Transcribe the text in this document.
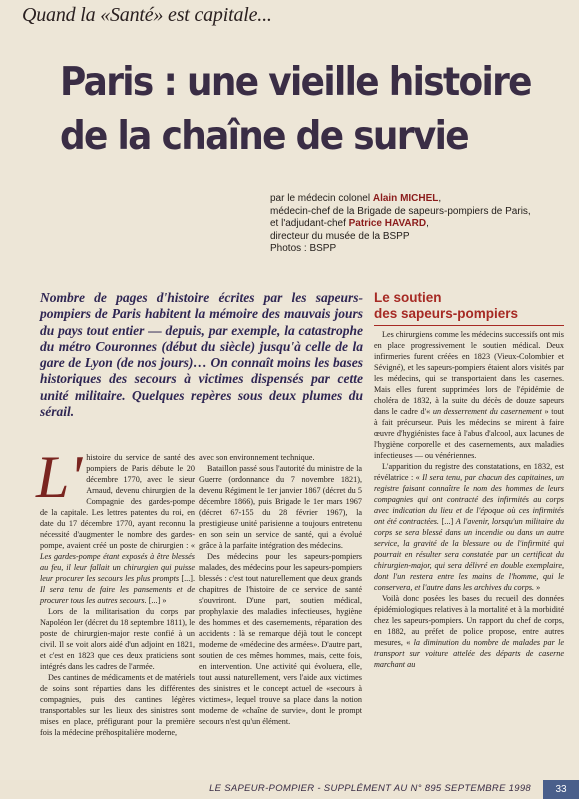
Quand la «Santé» est capitale...
Paris : une vieille histoire
de la chaîne de survie

par le médecin colonel Alain MICHEL,

médecin-chef de la Brigade de sapeurs-pompiers de Paris,

et l'adjudant-chef Patrice HAVARD,

directeur du musée de la BSPP

Photos : BSPP

Nombre de pages d'histoire écrites par les sapeurs-pompiers de Paris habitent la mémoire des mauvais jours du pays tout entier — depuis, par exemple, la catastrophe du métro Couronnes (début du siècle) jusqu'à celle de la gare de Lyon (de nos jours)… On connaît moins les bases historiques des secours à victimes dispensés par cette unité militaire. Quelques repères sous deux plumes du sérail.
Le soutien
des sapeurs-pompiers

L' histoire du service de santé des pompiers de Paris débute le 20 décembre 1770, avec le sieur Arnaud, devenu chirurgien de la Compagnie des gardes-pompe de la capitale. Les lettres patentes du roi, en date du 17 décembre 1770, ayant reconnu la nécessité d'augmenter le nombre des gardes-pompe, avaient créé un poste de chirurgien : « Les gardes-pompe étant exposés à être blessés au feu, il leur fallait un chirurgien qui puisse leur procurer les secours les plus prompts [...]. Il sera tenu de faire les pansements et de procurer tous les autres secours. [...] »

Lors de la militarisation du corps par Napoléon Ier (décret du 18 septembre 1811), le poste de chirurgien-major reste confié à un civil. Il se voit alors aidé d'un adjoint en 1821, et c'est en 1823 que ces deux praticiens sont intégrés dans les cadres de l'armée.

Des cantines de médicaments et de matériels de soins sont réparties dans les différentes compagnies, puis des cantines légères transportables sur les lieux des sinistres sont mises en place, préfigurant pour la première fois la médecine préhospitalière moderne,

avec son environnement technique.

Bataillon passé sous l'autorité du ministre de la Guerre (ordonnance du 7 novembre 1821), devenu Régiment le 1er janvier 1867 (décret du 5 décembre 1866), puis Brigade le 1er mars 1967 (décret 67-155 du 28 février 1967), la prestigieuse unité parisienne a toujours entretenu en son sein un service de santé, qui a évolué grâce à la parfaite intégration des médecins.

Des médecins pour les sapeurs-pompiers malades, des médecins pour les sapeurs-pompiers blessés : c'est tout naturellement que deux grands chapitres de l'histoire de ce service de santé s'ouvriront. D'une part, soutien médical, prophylaxie des maladies infectieuses, hygiène des hommes et des casernements, réparation des accidents : là se remarque déjà tout le concept moderne de «médecine des armées». D'autre part, soutien de ces mêmes hommes, mais, cette fois, en intervention. Une activité qui évoluera, elle, tout aussi naturellement, vers l'aide aux victimes des sinistres et le concept actuel de «secours à victimes», lequel trouve sa place dans la notion moderne de «chaîne de survie», dont le prompt secours n'est qu'un élément.

Les chirurgiens comme les médecins successifs ont mis en place progressivement le soutien médical. Deux infirmeries furent créées en 1823 (Vieux-Colombier et Sévigné), et les sapeurs-pompiers étaient alors visités par les médecins, qui se transportaient dans les casernes. Mais elles furent supprimées lors de l'épidémie de choléra de 1832, à la suite du décès de douze sapeurs dans le cadre d'« un desserrement du casernement » tout à fait précurseur. Puis les médecins se mirent à faire œuvre d'hygiénistes face à l'abus d'alcool, aux lacunes de l'hygiène corporelle et des casernements, aux maladies infectieuses — ou vénériennes.

L'apparition du registre des constatations, en 1832, est révélatrice : « Il sera tenu, par chacun des capitaines, un registre faisant connaître le nom des hommes de leurs compagnies qui ont contracté des infirmités au corps avec indication du lieu et de l'époque où ces infirmités ont été contractées. [...] A l'avenir, lorsqu'un militaire du corps se sera blessé dans un incendie ou dans un autre service, la gravité de la blessure ou de l'infirmité qui pourrait en résulter sera constatée par un certificat du chirurgien-major, qui sera délivré en double exemplaire, dont l'un restera entre les mains de l'homme, qui le conservera, et l'autre dans les archives du corps. »

Voilà donc posées les bases du recueil des données épidémiologiques relatives à la mortalité et à la morbidité chez les sapeurs-pompiers. Un rapport du chef de corps, en 1882, au préfet de police propose, entre autres mesures, « la diminution du nombre de malades par le transport sur voiture attelée des départs de caserne marchant au

LE SAPEUR-POMPIER - SUPPLÉMENT AU N° 895 SEPTEMBRE 1998	33
